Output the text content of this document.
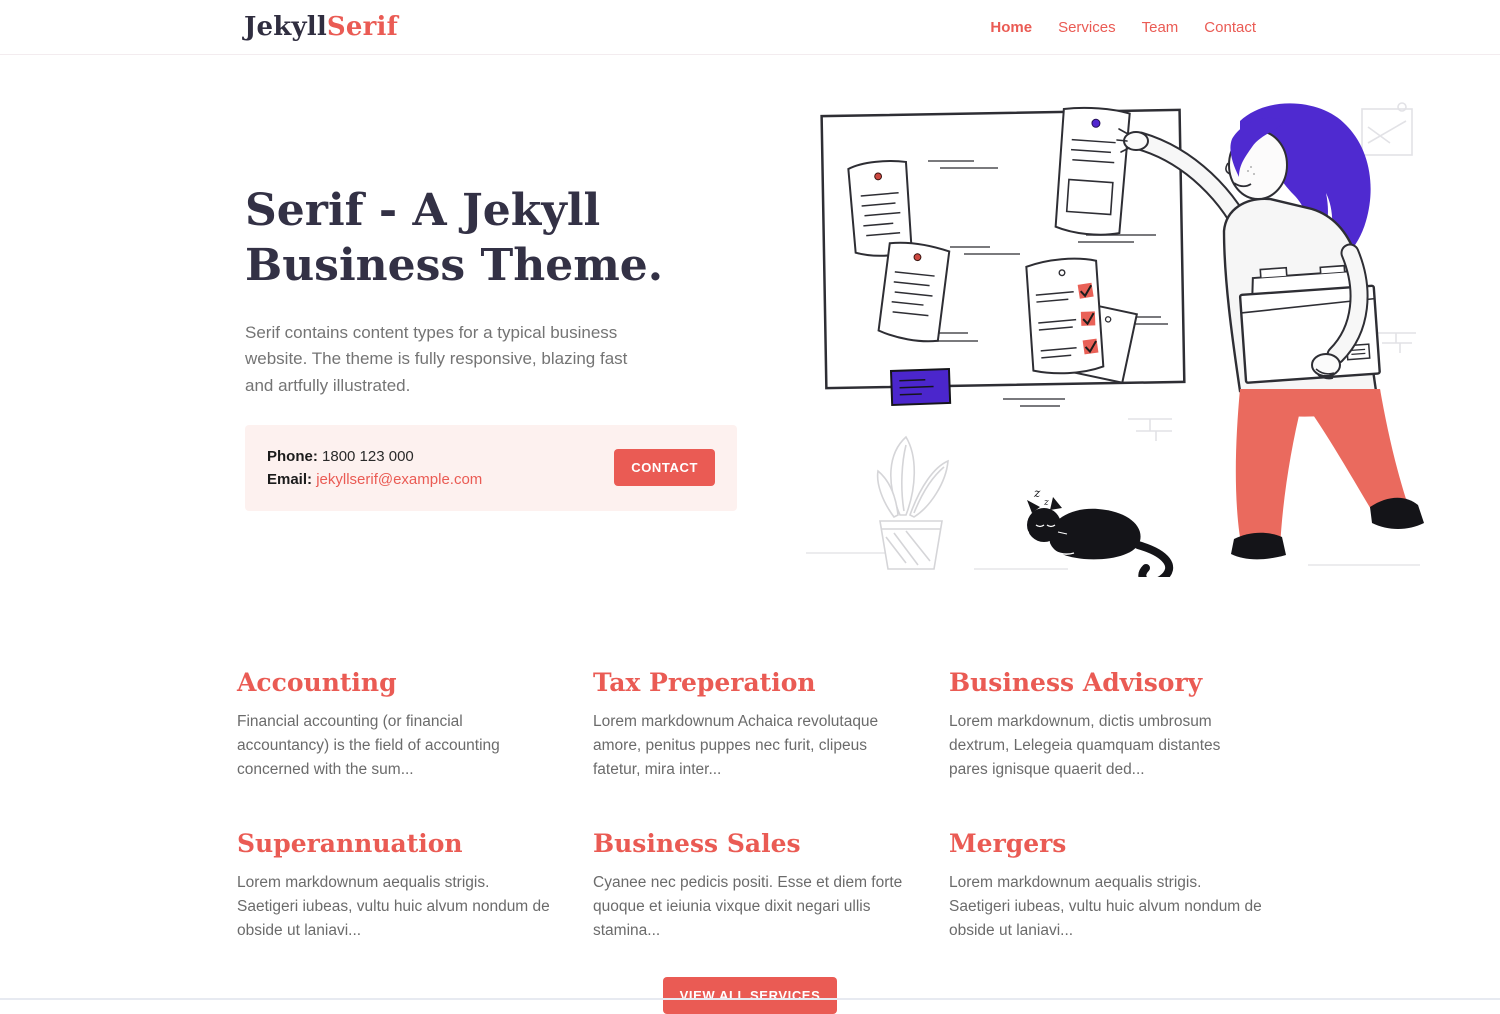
JekyllSerif	Home Services Team Contact
Serif - A Jekyll Business Theme.

Serif contains content types for a typical business website. The theme is fully responsive, blazing fast and artfully illustrated.

Phone: 1800 123 000
Email: jekyllserif@example.com
CONTACT
z
z
Accounting

Financial accounting (or financial accountancy) is the field of accounting concerned with the sum...

Tax Preperation

Lorem markdownum Achaica revolutaque amore, penitus puppes nec furit, clipeus fatetur, mira inter...

Business Advisory

Lorem markdownum, dictis umbrosum dextrum, Lelegeia quamquam distantes pares ignisque quaerit ded...

Superannuation

Lorem markdownum aequalis strigis. Saetigeri iubeas, vultu huic alvum nondum de obside ut laniavi...

Business Sales

Cyanee nec pedicis positi. Esse et diem forte quoque et ieiunia vixque dixit negari ullis stamina...

Mergers

Lorem markdownum aequalis strigis. Saetigeri iubeas, vultu huic alvum nondum de obside ut laniavi...

VIEW ALL SERVICES
